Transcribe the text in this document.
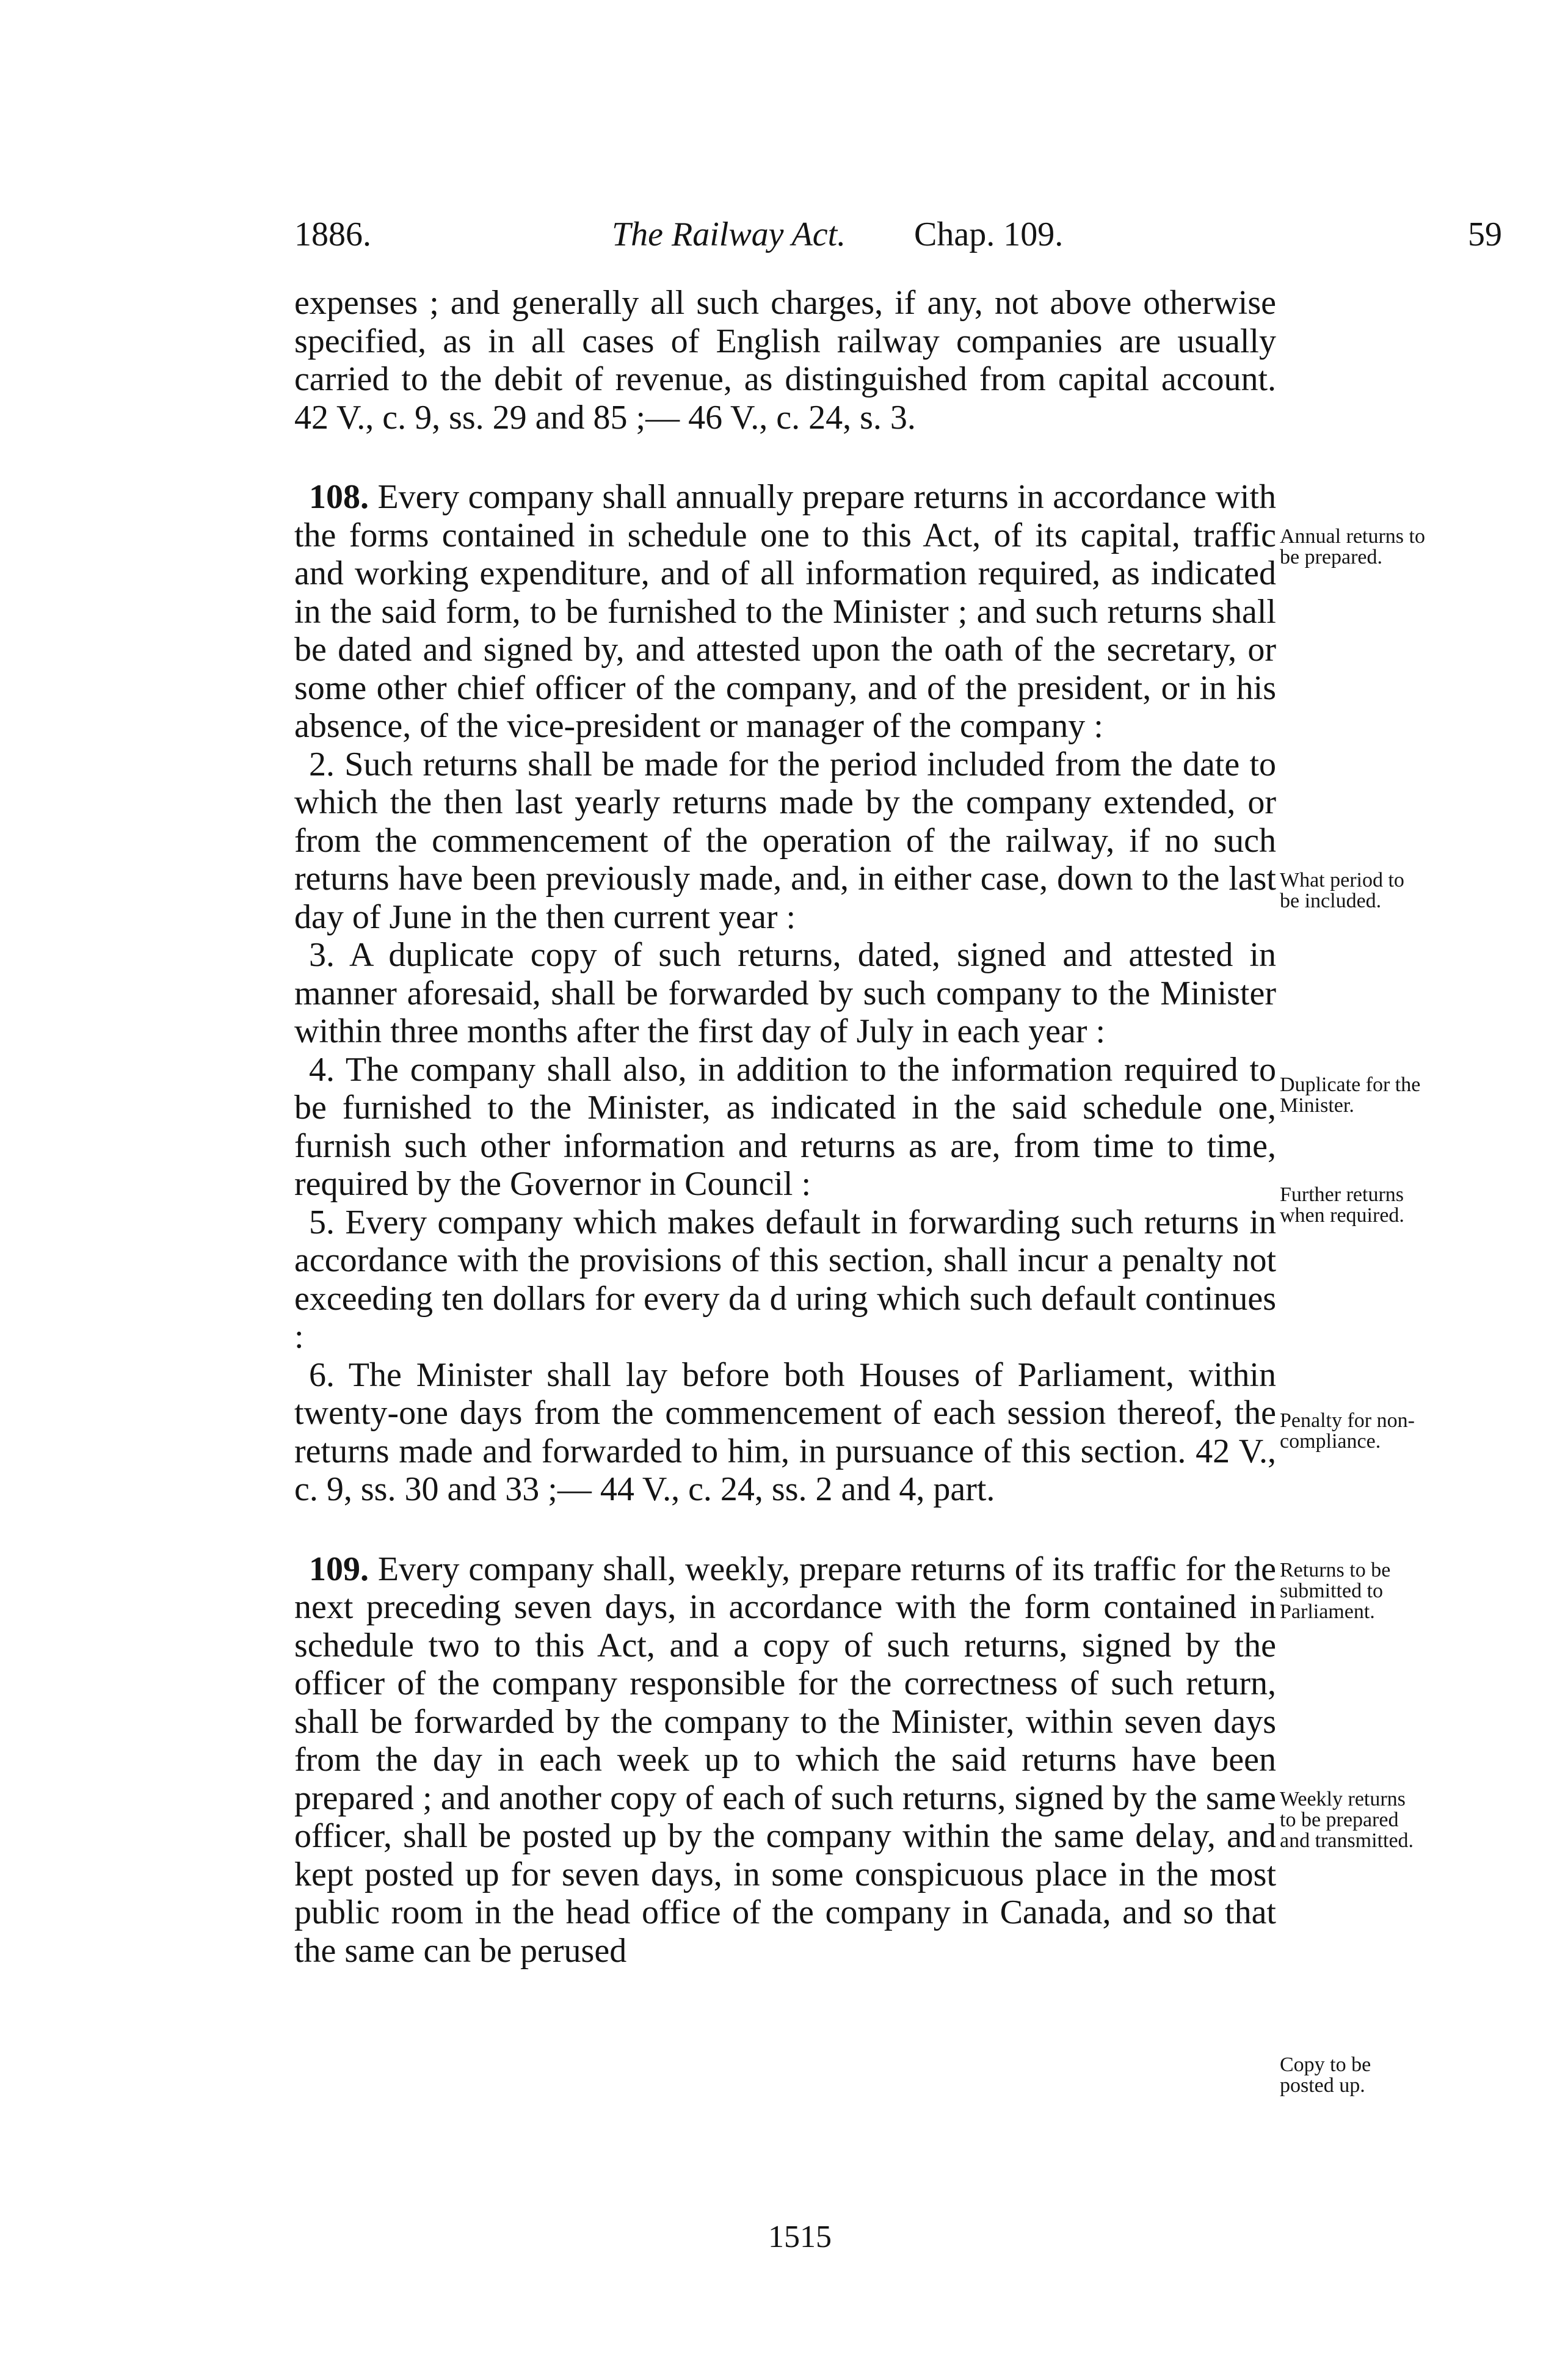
1886.	The Railway Act. Chap. 109.	59

expenses ; and generally all such charges, if any, not above otherwise specified, as in all cases of English railway companies are usually carried to the debit of revenue, as distinguished from capital account. 42 V., c. 9, ss. 29 and 85 ;— 46 V., c. 24, s. 3.

108. Every company shall annually prepare returns in accordance with the forms contained in schedule one to this Act, of its capital, traffic and working expenditure, and of all information required, as indicated in the said form, to be furnished to the Minister ; and such returns shall be dated and signed by, and attested upon the oath of the secretary, or some other chief officer of the company, and of the president, or in his absence, of the vice-president or manager of the company :

2. Such returns shall be made for the period included from the date to which the then last yearly returns made by the company extended, or from the commencement of the operation of the railway, if no such returns have been previously made, and, in either case, down to the last day of June in the then current year :

3. A duplicate copy of such returns, dated, signed and attested in manner aforesaid, shall be forwarded by such company to the Minister within three months after the first day of July in each year :

4. The company shall also, in addition to the information required to be furnished to the Minister, as indicated in the said schedule one, furnish such other information and returns as are, from time to time, required by the Governor in Council :

5. Every company which makes default in forwarding such returns in accordance with the provisions of this section, shall incur a penalty not exceeding ten dollars for every da d uring which such default continues :

6. The Minister shall lay before both Houses of Parliament, within twenty-one days from the commencement of each session thereof, the returns made and forwarded to him, in pursuance of this section. 42 V., c. 9, ss. 30 and 33 ;— 44 V., c. 24, ss. 2 and 4, part.

109. Every company shall, weekly, prepare returns of its traffic for the next preceding seven days, in accordance with the form contained in schedule two to this Act, and a copy of such returns, signed by the officer of the company responsible for the correctness of such return, shall be forwarded by the company to the Minister, within seven days from the day in each week up to which the said returns have been prepared ; and another copy of each of such returns, signed by the same officer, shall be posted up by the company within the same delay, and kept posted up for seven days, in some conspicuous place in the most public room in the head office of the company in Canada, and so that the same can be perused

Annual returns to be prepared.
What period to be included.
Duplicate for the Minister.
Further returns when required.
Penalty for non-compliance.
Returns to be submitted to Parliament.
Weekly returns to be prepared and transmitted.
Copy to be posted up.
1515
